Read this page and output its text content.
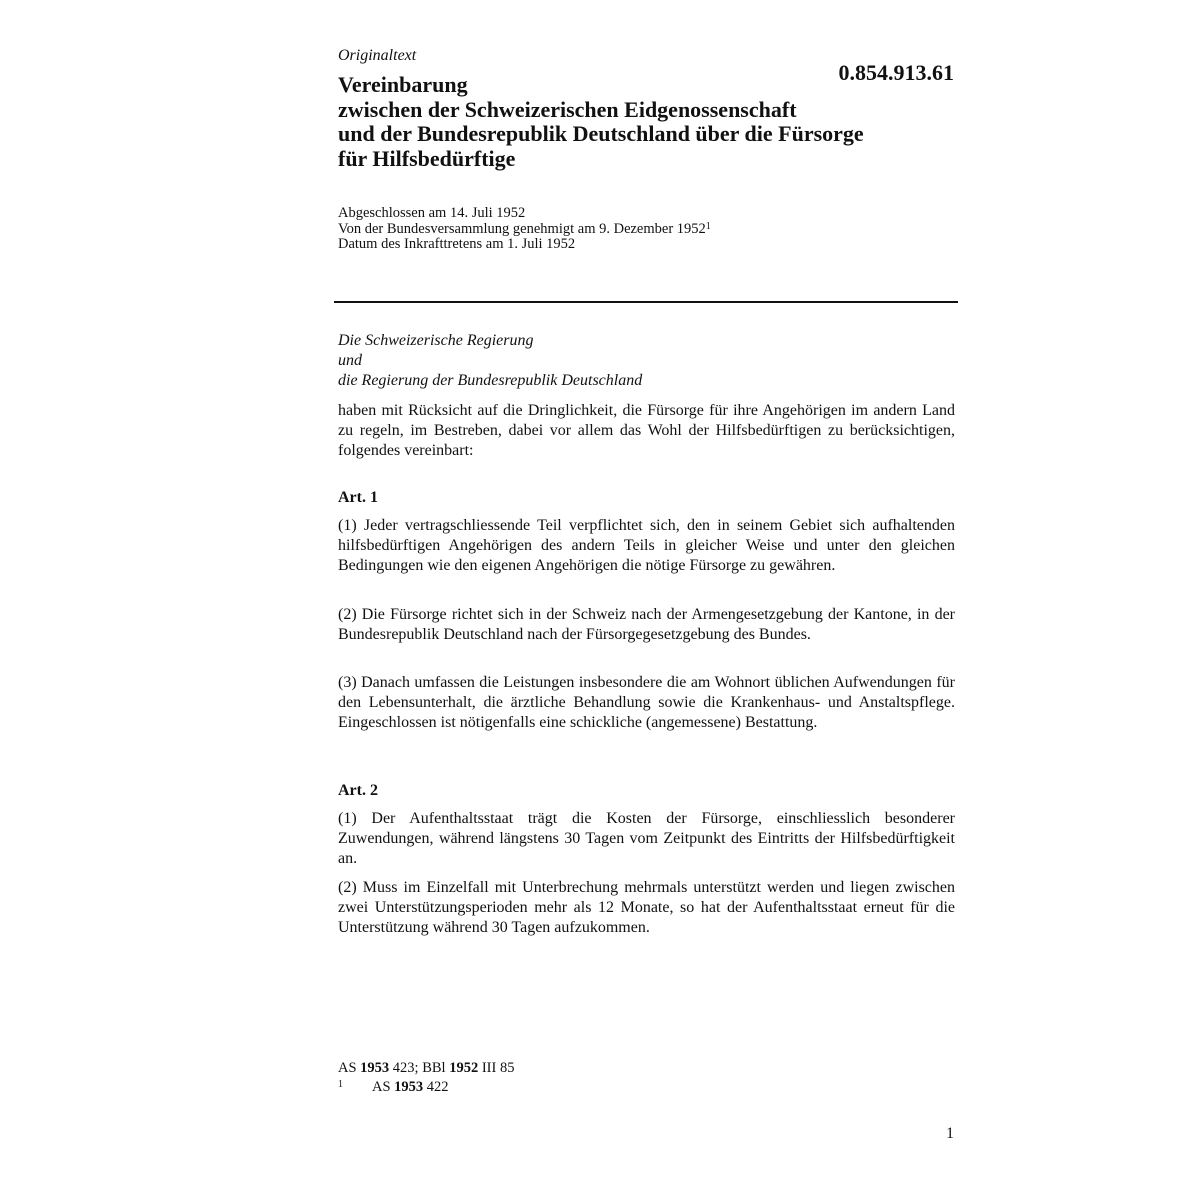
Originaltext
0.854.913.61
Vereinbarung
zwischen der Schweizerischen Eidgenossenschaft
und der Bundesrepublik Deutschland über die Fürsorge
für Hilfsbedürftige
Abgeschlossen am 14. Juli 1952
Von der Bundesversammlung genehmigt am 9. Dezember 1952$^1$
Datum des Inkrafttretens am 1. Juli 1952

Die Schweizerische Regierung
und
die Regierung der Bundesrepublik Deutschland

haben mit Rücksicht auf die Dringlichkeit, die Fürsorge für ihre Angehörigen im andern Land zu regeln, im Bestreben, dabei vor allem das Wohl der Hilfsbedürftigen zu berücksichtigen, folgendes vereinbart:

Art. 1

(1) Jeder vertragschliessende Teil verpflichtet sich, den in seinem Gebiet sich aufhaltenden hilfsbedürftigen Angehörigen des andern Teils in gleicher Weise und unter den gleichen Bedingungen wie den eigenen Angehörigen die nötige Fürsorge zu gewähren.

(2) Die Fürsorge richtet sich in der Schweiz nach der Armengesetzgebung der Kantone, in der Bundesrepublik Deutschland nach der Fürsorgegesetzgebung des Bundes.

(3) Danach umfassen die Leistungen insbesondere die am Wohnort üblichen Aufwendungen für den Lebensunterhalt, die ärztliche Behandlung sowie die Krankenhaus- und Anstaltspflege. Eingeschlossen ist nötigenfalls eine schickliche (angemessene) Bestattung.

Art. 2

(1) Der Aufenthaltsstaat trägt die Kosten der Fürsorge, einschliesslich besonderer Zuwendungen, während längstens 30 Tagen vom Zeitpunkt des Eintritts der Hilfsbedürftigkeit an.

(2) Muss im Einzelfall mit Unterbrechung mehrmals unterstützt werden und liegen zwischen zwei Unterstützungsperioden mehr als 12 Monate, so hat der Aufenthaltsstaat erneut für die Unterstützung während 30 Tagen aufzukommen.

AS 1953 423; BBl 1952 III 85
1 AS 1953 422
1
